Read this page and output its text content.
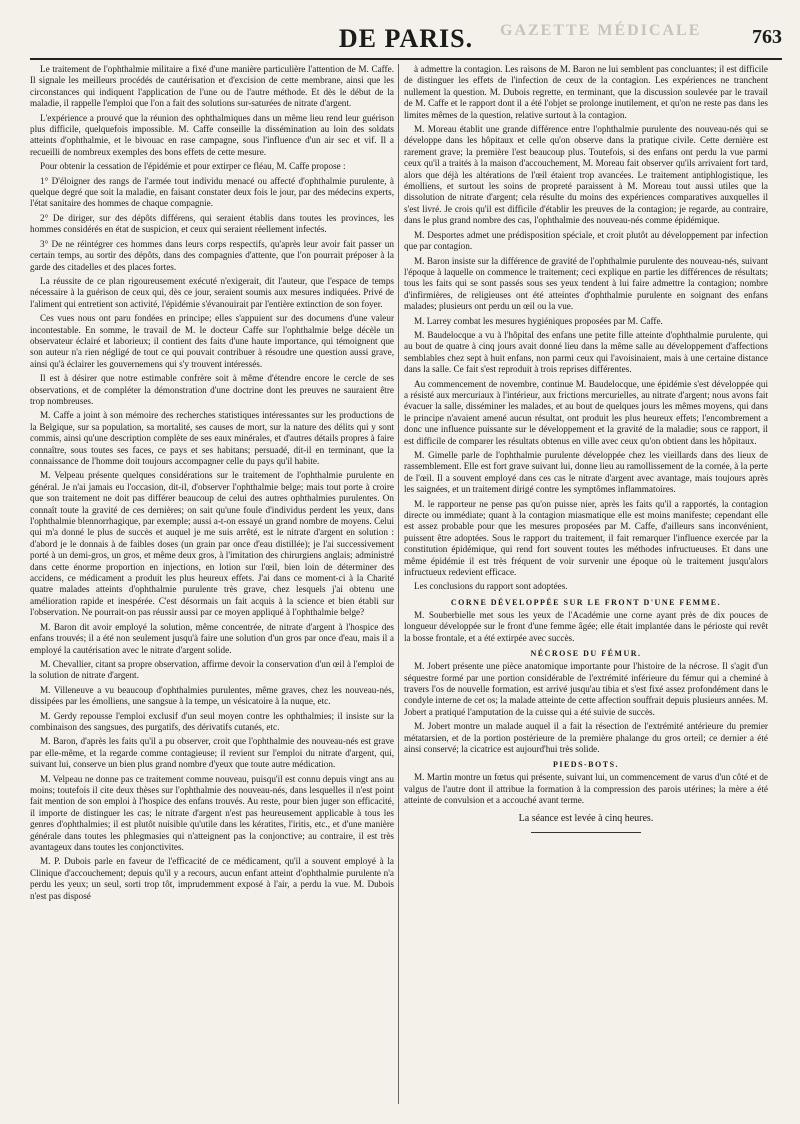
GAZETTE MÉDICALE
DE PARIS.	763

Le traitement de l'ophthalmie militaire a fixé d'une manière particulière l'attention de M. Caffe. Il signale les meilleurs procédés de cautérisation et d'excision de cette membrane, ainsi que les circonstances qui indiquent l'application de l'une ou de l'autre méthode. Et dès le début de la maladie, il rappelle l'emploi que l'on a fait des solutions sur-saturées de nitrate d'argent.

L'expérience a prouvé que la réunion des ophthalmiques dans un même lieu rend leur guérison plus difficile, quelquefois impossible. M. Caffe conseille la dissémination au loin des soldats atteints d'ophthalmie, et le bivouac en rase campagne, sous l'influence d'un air sec et vif. Il a recueilli de nombreux exemples des bons effets de cette mesure.

Pour obtenir la cessation de l'épidémie et pour extirper ce fléau, M. Caffe propose :

1° D'éloigner des rangs de l'armée tout individu menacé ou affecté d'ophthalmie purulente, à quelque degré que soit la maladie, en faisant constater deux fois le jour, par des médecins experts, l'état sanitaire des hommes de chaque compagnie.

2° De diriger, sur des dépôts différens, qui seraient établis dans toutes les provinces, les hommes considérés en état de suspicion, et ceux qui seraient réellement infectés.

3° De ne réintégrer ces hommes dans leurs corps respectifs, qu'après leur avoir fait passer un certain temps, au sortir des dépôts, dans des compagnies d'attente, que l'on pourrait préposer à la garde des citadelles et des places fortes.

La réussite de ce plan rigoureusement exécuté n'exigerait, dit l'auteur, que l'espace de temps nécessaire à la guérison de ceux qui, dès ce jour, seraient soumis aux mesures indiquées. Privé de l'aliment qui entretient son activité, l'épidémie s'évanouirait par l'entière extinction de son foyer.

Ces vues nous ont paru fondées en principe; elles s'appuient sur des documens d'une valeur incontestable. En somme, le travail de M. le docteur Caffe sur l'ophthalmie belge décèle un observateur éclairé et laborieux; il contient des faits d'une haute importance, qui témoignent que son auteur n'a rien négligé de tout ce qui pouvait contribuer à résoudre une question aussi grave, ainsi qu'à éclairer les gouvernemens qui s'y trouvent intéressés.

Il est à désirer que notre estimable confrère soit à même d'étendre encore le cercle de ses observations, et de compléter la démonstration d'une doctrine dont les preuves ne sauraient être trop nombreuses.

M. Caffe a joint à son mémoire des recherches statistiques intéressantes sur les productions de la Belgique, sur sa population, sa mortalité, ses causes de mort, sur la nature des délits qui y sont commis, ainsi qu'une description complète de ses eaux minérales, et d'autres détails propres à faire connaître, sous toutes ses faces, ce pays et ses habitans; persuadé, dit-il en terminant, que la connaissance de l'homme doit toujours accompagner celle du pays qu'il habite.

M. Velpeau présente quelques considérations sur le traitement de l'ophthalmie purulente en général. Je n'ai jamais eu l'occasion, dit-il, d'observer l'ophthalmie belge; mais tout porte à croire que son traitement ne doit pas différer beaucoup de celui des autres ophthalmies purulentes. On connaît toute la gravité de ces dernières; on sait qu'une foule d'individus perdent les yeux, dans l'ophthalmie blennorrhagique, par exemple; aussi a-t-on essayé un grand nombre de moyens. Celui qui m'a donné le plus de succès et auquel je me suis arrêté, est le nitrate d'argent en solution : d'abord je le donnais à de faibles doses (un grain par once d'eau distillée); je l'ai successivement porté à un demi-gros, un gros, et même deux gros, à l'imitation des chirurgiens anglais; administré dans cette énorme proportion en injections, en lotion sur l'œil, bien loin de déterminer des accidens, ce médicament a produit les plus heureux effets. J'ai dans ce moment-ci à la Charité quatre malades atteints d'ophthalmie purulente très grave, chez lesquels j'ai obtenu une amélioration rapide et inespérée. C'est désormais un fait acquis à la science et bien établi sur l'observation. Ne pourrait-on pas réussir aussi par ce moyen appliqué à l'ophthalmie belge?

M. Baron dit avoir employé la solution, même concentrée, de nitrate d'argent à l'hospice des enfans trouvés; il a été non seulement jusqu'à faire une solution d'un gros par once d'eau, mais il a employé la cautérisation avec le nitrate d'argent solide.

M. Chevallier, citant sa propre observation, affirme devoir la conservation d'un œil à l'emploi de la solution de nitrate d'argent.

M. Villeneuve a vu beaucoup d'ophthalmies purulentes, même graves, chez les nouveau-nés, dissipées par les émolliens, une sangsue à la tempe, un vésicatoire à la nuque, etc.

M. Gerdy repousse l'emploi exclusif d'un seul moyen contre les ophthalmies; il insiste sur la combinaison des sangsues, des purgatifs, des dérivatifs cutanés, etc.

M. Baron, d'après les faits qu'il a pu observer, croit que l'ophthalmie des nouveau-nés est grave par elle-même, et la regarde comme contagieuse; il revient sur l'emploi du nitrate d'argent, qui, suivant lui, conserve un bien plus grand nombre d'yeux que toute autre médication.

M. Velpeau ne donne pas ce traitement comme nouveau, puisqu'il est connu depuis vingt ans au moins; toutefois il cite deux thèses sur l'ophthalmie des nouveau-nés, dans lesquelles il n'est point fait mention de son emploi à l'hospice des enfans trouvés. Au reste, pour bien juger son efficacité, il importe de distinguer les cas; le nitrate d'argent n'est pas heureusement applicable à tous les genres d'ophthalmies; il est plutôt nuisible qu'utile dans les kératites, l'iritis, etc., et d'une manière générale dans toutes les phlegmasies qui n'atteignent pas la conjonctive; au contraire, il est très avantageux dans toutes les conjonctivites.

M. P. Dubois parle en faveur de l'efficacité de ce médicament, qu'il a souvent employé à la Clinique d'accouchement; depuis qu'il y a recours, aucun enfant atteint d'ophthalmie purulente n'a perdu les yeux; un seul, sorti trop tôt, imprudemment exposé à l'air, a perdu la vue. M. Dubois n'est pas disposé

à admettre la contagion. Les raisons de M. Baron ne lui semblent pas concluantes; il est difficile de distinguer les effets de l'infection de ceux de la contagion. Les expériences ne tranchent nullement la question. M. Dubois regrette, en terminant, que la discussion soulevée par le travail de M. Caffe et le rapport dont il a été l'objet se prolonge inutilement, et qu'on ne reste pas dans les limites mêmes de la question, relative surtout à la contagion.

M. Moreau établit une grande différence entre l'ophthalmie purulente des nouveau-nés qui se développe dans les hôpitaux et celle qu'on observe dans la pratique civile. Cette dernière est rarement grave; la première l'est beaucoup plus. Toutefois, si des enfans ont perdu la vue parmi ceux qu'il a traités à la maison d'accouchement, M. Moreau fait observer qu'ils arrivaient fort tard, alors que déjà les altérations de l'œil étaient trop avancées. Le traitement antiphlogistique, les émolliens, et surtout les soins de propreté paraissent à M. Moreau tout aussi utiles que la dissolution de nitrate d'argent; cela résulte du moins des expériences comparatives auxquelles il s'est livré. Je crois qu'il est difficile d'établir les preuves de la contagion; je regarde, au contraire, dans le plus grand nombre des cas, l'ophthalmie des nouveau-nés comme épidémique.

M. Desportes admet une prédisposition spéciale, et croit plutôt au développement par infection que par contagion.

M. Baron insiste sur la différence de gravité de l'ophthalmie purulente des nouveau-nés, suivant l'époque à laquelle on commence le traitement; ceci explique en partie les différences de résultats; tous les faits qui se sont passés sous ses yeux tendent à lui faire admettre la contagion; nombre d'infirmières, de religieuses ont été atteintes d'ophthalmie purulente en soignant des enfans malades; plusieurs ont perdu un œil ou la vue.

M. Larrey combat les mesures hygiéniques proposées par M. Caffe.

M. Baudelocque a vu à l'hôpital des enfans une petite fille atteinte d'ophthalmie purulente, qui au bout de quatre à cinq jours avait donné lieu dans la même salle au développement d'affections semblables chez sept à huit enfans, non parmi ceux qui l'avoisinaient, mais à une certaine distance dans la salle. Ce fait s'est reproduit à trois reprises différentes.

Au commencement de novembre, continue M. Baudelocque, une épidémie s'est développée qui a résisté aux mercuriaux à l'intérieur, aux frictions mercurielles, au nitrate d'argent; nous avons fait évacuer la salle, disséminer les malades, et au bout de quelques jours les mêmes moyens, qui dans le principe n'avaient amené aucun résultat, ont produit les plus heureux effets; l'encombrement a donc une influence puissante sur le développement et la gravité de la maladie; sous ce rapport, il est difficile de comparer les résultats obtenus en ville avec ceux qu'on obtient dans les hôpitaux.

M. Gimelle parle de l'ophthalmie purulente développée chez les vieillards dans des lieux de rassemblement. Elle est fort grave suivant lui, donne lieu au ramollissement de la cornée, à la perte de l'œil. Il a souvent employé dans ces cas le nitrate d'argent avec avantage, mais toujours après les saignées, et un traitement dirigé contre les symptômes inflammatoires.

M. le rapporteur ne pense pas qu'on puisse nier, après les faits qu'il a rapportés, la contagion directe ou immédiate; quant à la contagion miasmatique elle est moins manifeste; cependant elle est assez probable pour que les mesures proposées par M. Caffe, d'ailleurs sans inconvénient, puissent être adoptées. Sous le rapport du traitement, il fait remarquer l'influence exercée par la constitution épidémique, qui rend fort souvent toutes les méthodes infructueuses. Et dans une même épidémie il est très fréquent de voir survenir une époque où le traitement jusqu'alors infructueux redevient efficace.

Les conclusions du rapport sont adoptées.

CORNE DÉVELOPPÉE SUR LE FRONT D'UNE FEMME.

M. Souberbielle met sous les yeux de l'Académie une corne ayant près de dix pouces de longueur développée sur le front d'une femme âgée; elle était implantée dans le périoste qui revêt la bosse frontale, et a été extirpée avec succès.

NÉCROSE DU FÉMUR.

M. Jobert présente une pièce anatomique importante pour l'histoire de la nécrose. Il s'agit d'un séquestre formé par une portion considérable de l'extrémité inférieure du fémur qui a cheminé à travers l'os de nouvelle formation, est arrivé jusqu'au tibia et s'est fixé assez profondément dans le condyle interne de cet os; la malade atteinte de cette affection souffrait depuis plusieurs années. M. Jobert a pratiqué l'amputation de la cuisse qui a été suivie de succès.

M. Jobert montre un malade auquel il a fait la résection de l'extrémité antérieure du premier métatarsien, et de la portion postérieure de la première phalange du gros orteil; ce dernier a été ainsi conservé; la cicatrice est aujourd'hui très solide.

PIEDS-BOTS.

M. Martin montre un fœtus qui présente, suivant lui, un commencement de varus d'un côté et de valgus de l'autre dont il attribue la formation à la compression des parois utérines; la mère a été atteinte de convulsion et a accouché avant terme.

La séance est levée à cinq heures.
